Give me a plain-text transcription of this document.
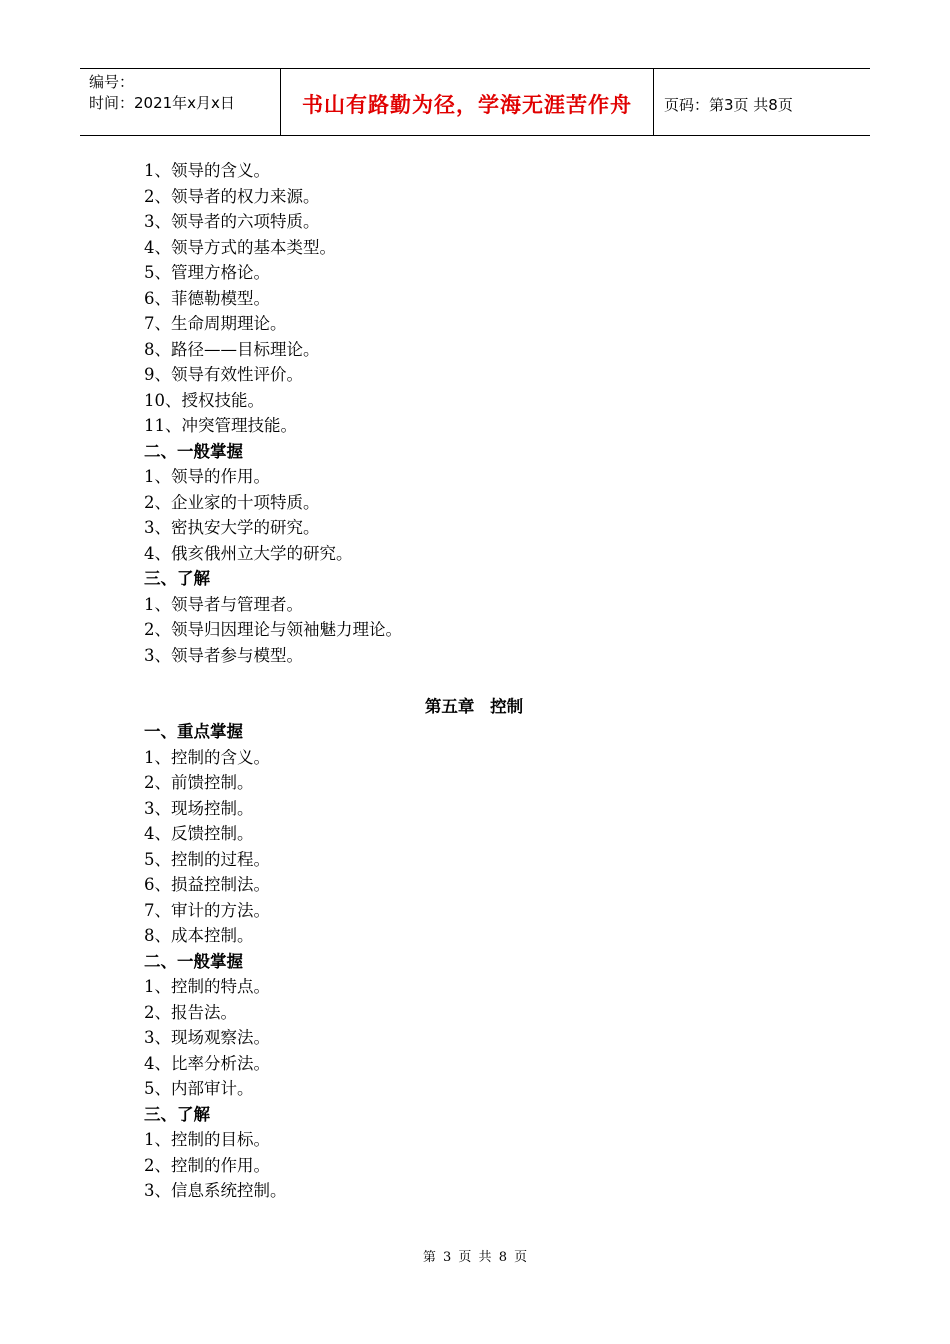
编号：
时间：2021年x月x日	书山有路勤为径，学海无涯苦作舟	页码：第3页 共8页
1、领导的含义。
2、领导者的权力来源。
3、领导者的六项特质。
4、领导方式的基本类型。
5、管理方格论。
6、菲德勒模型。
7、生命周期理论。
8、路径——目标理论。
9、领导有效性评价。
10、授权技能。
11、冲突管理技能。
二、一般掌握
1、领导的作用。
2、企业家的十项特质。
3、密执安大学的研究。
4、俄亥俄州立大学的研究。
三、了解
1、领导者与管理者。
2、领导归因理论与领袖魅力理论。
3、领导者参与模型。
第五章 控制
一、重点掌握
1、控制的含义。
2、前馈控制。
3、现场控制。
4、反馈控制。
5、控制的过程。
6、损益控制法。
7、审计的方法。
8、成本控制。
二、一般掌握
1、控制的特点。
2、报告法。
3、现场观察法。
4、比率分析法。
5、内部审计。
三、了解
1、控制的目标。
2、控制的作用。
3、信息系统控制。
第 3 页 共 8 页
